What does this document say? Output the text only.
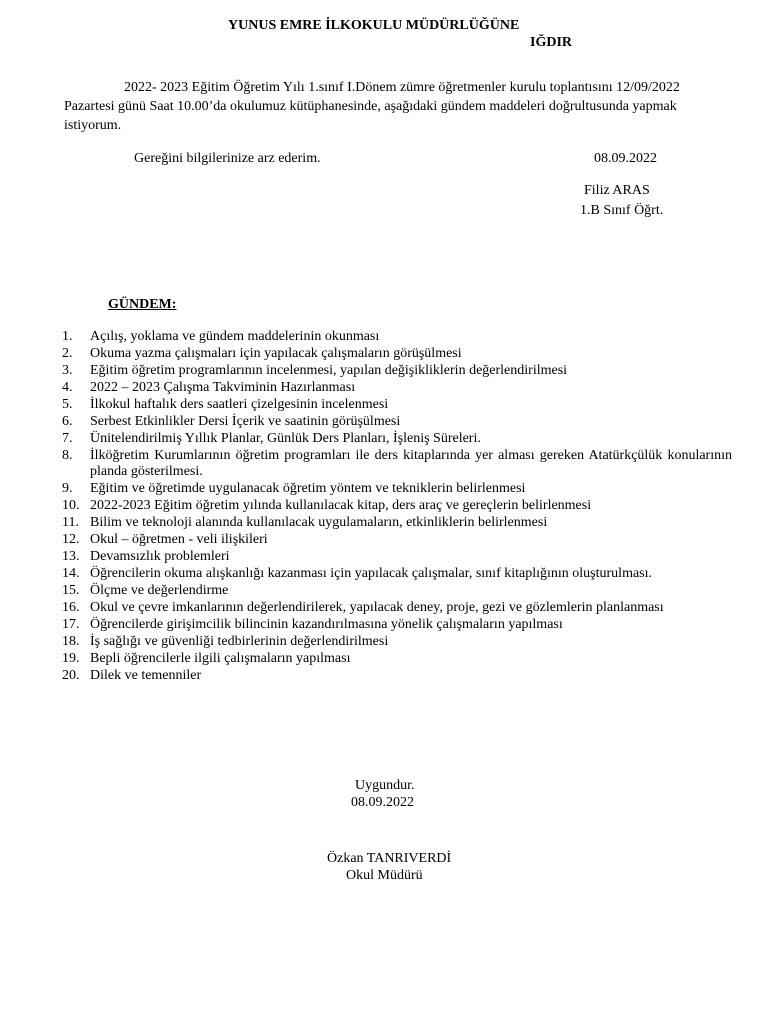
YUNUS EMRE İLKOKULU MÜDÜRLÜĞÜNE
IĞDIR
2022- 2023 Eğitim Öğretim Yılı 1.sınıf I.Dönem zümre öğretmenler kurulu toplantısını 12/09/2022 Pazartesi günü Saat 10.00’da okulumuz kütüphanesinde, aşağıdaki gündem maddeleri doğrultusunda yapmak istiyorum.
Gereğini bilgilerinize arz ederim.	08.09.2022
Filiz ARAS
1.B Sınıf Öğrt.
GÜNDEM:
1.	Açılış, yoklama ve gündem maddelerinin okunması
2.	Okuma yazma çalışmaları için yapılacak çalışmaların görüşülmesi
3.	Eğitim öğretim programlarının incelenmesi, yapılan değişikliklerin değerlendirilmesi
4.	2022 – 2023 Çalışma Takviminin Hazırlanması
5.	İlkokul haftalık ders saatleri çizelgesinin incelenmesi
6.	Serbest Etkinlikler Dersi İçerik ve saatinin görüşülmesi
7.	Ünitelendirilmiş Yıllık Planlar, Günlük Ders Planları, İşleniş Süreleri.
8.	İlköğretim Kurumlarının öğretim programları ile ders kitaplarında yer alması gereken Atatürkçülük konularının planda gösterilmesi.
9.	Eğitim ve öğretimde uygulanacak öğretim yöntem ve tekniklerin belirlenmesi
10. 2022-2023 Eğitim öğretim yılında kullanılacak kitap, ders araç ve gereçlerin belirlenmesi
11. Bilim ve teknoloji alanında kullanılacak uygulamaların, etkinliklerin belirlenmesi
12. Okul – öğretmen - veli ilişkileri
13. Devamsızlık problemleri
14. Öğrencilerin okuma alışkanlığı kazanması için yapılacak çalışmalar, sınıf kitaplığının oluşturulması.
15. Ölçme ve değerlendirme
16. Okul ve çevre imkanlarının değerlendirilerek, yapılacak deney, proje, gezi ve gözlemlerin planlanması
17. Öğrencilerde girişimcilik bilincinin kazandırılmasına yönelik çalışmaların yapılması
18. İş sağlığı ve güvenliği tedbirlerinin değerlendirilmesi
19. Bepli öğrencilerle ilgili çalışmaların yapılması
20. Dilek ve temenniler
Uygundur.
08.09.2022
Özkan TANRIVERDİ
Okul Müdürü
